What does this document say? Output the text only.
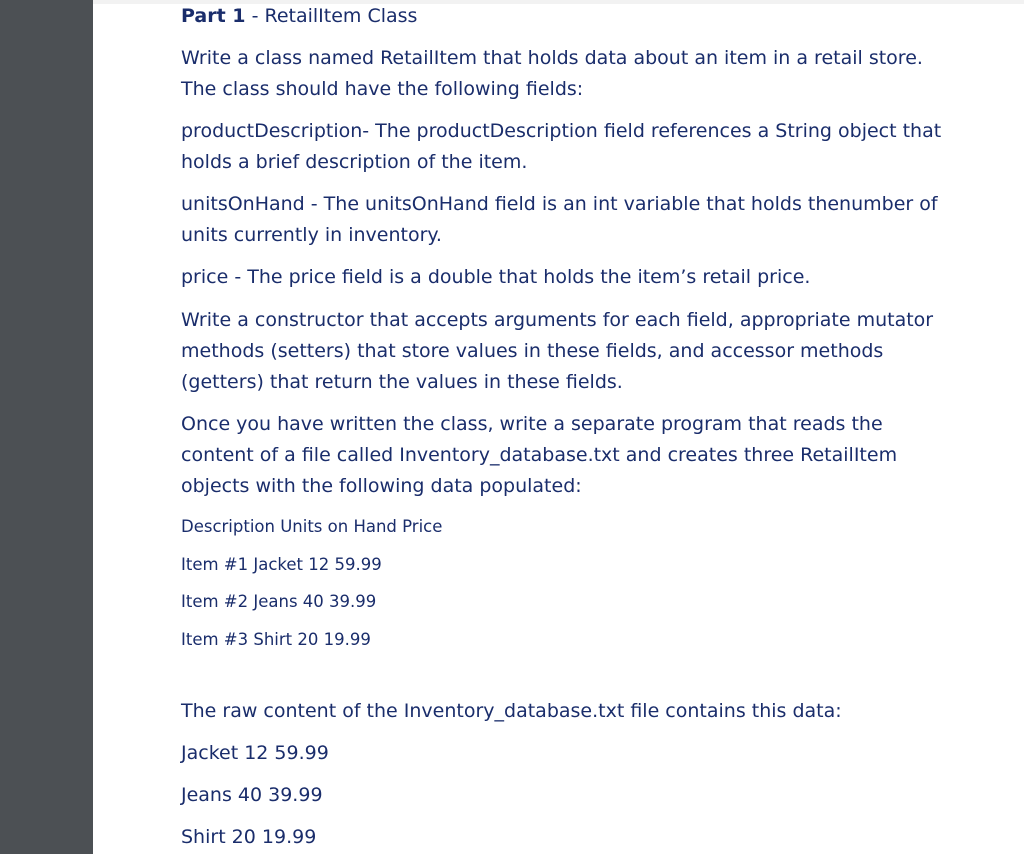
Part 1 - RetailItem Class
Write a class named RetailItem that holds data about an item in a retail store.
The class should have the following fields:
productDescription- The productDescription field references a String object that
holds a brief description of the item.
unitsOnHand - The unitsOnHand field is an int variable that holds thenumber of
units currently in inventory.
price - The price field is a double that holds the item’s retail price.
Write a constructor that accepts arguments for each field, appropriate mutator
methods (setters) that store values in these fields, and accessor methods
(getters) that return the values in these fields.
Once you have written the class, write a separate program that reads the
content of a file called Inventory_database.txt and creates three RetailItem
objects with the following data populated:
Description Units on Hand Price
Item #1 Jacket 12 59.99
Item #2 Jeans 40 39.99
Item #3 Shirt 20 19.99
The raw content of the Inventory_database.txt file contains this data:
Jacket 12 59.99
Jeans 40 39.99
Shirt 20 19.99
